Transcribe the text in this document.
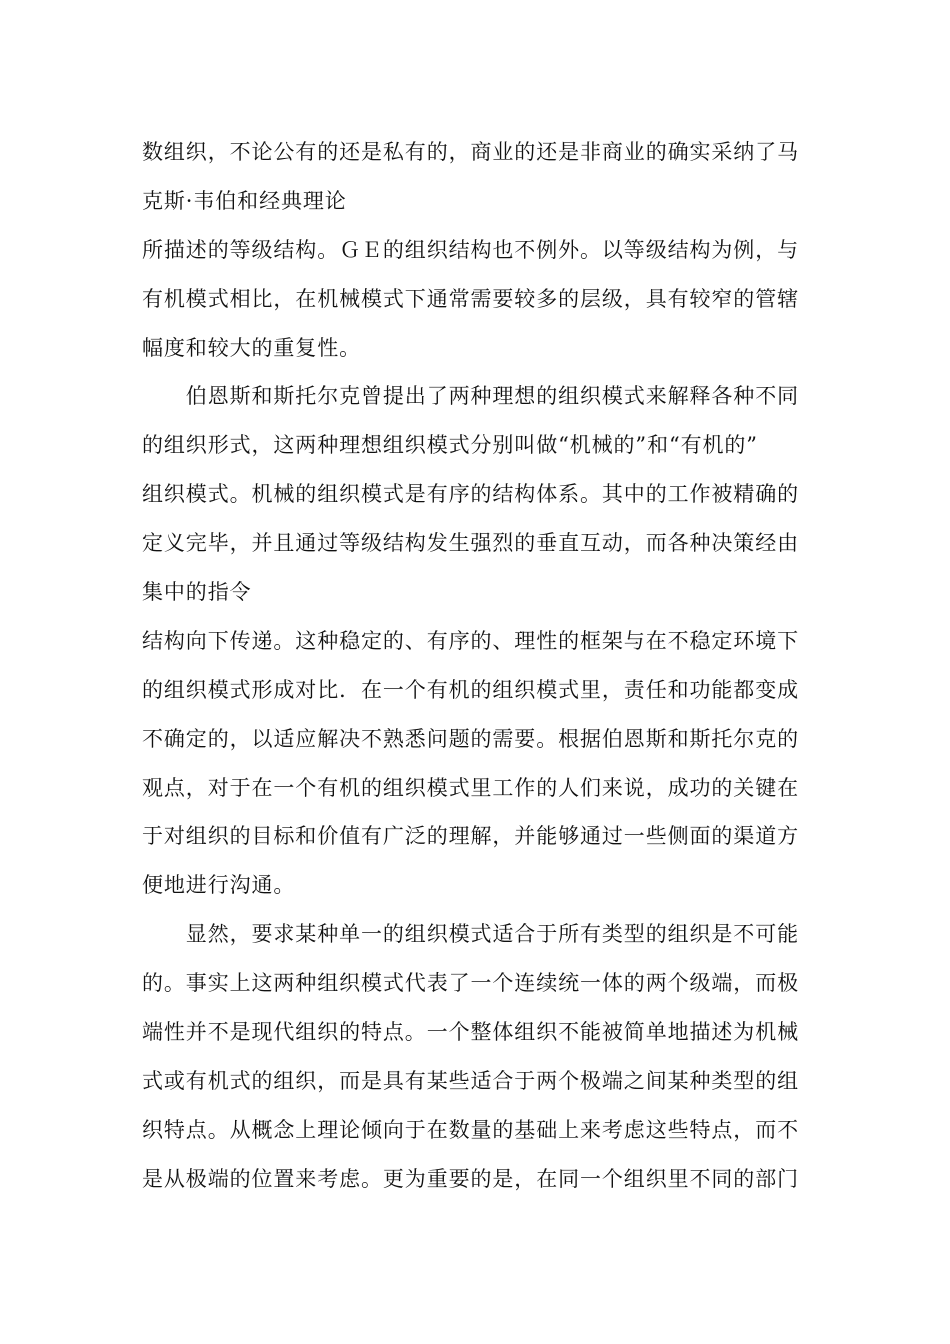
数组织，不论公有的还是私有的，商业的还是非商业的确实采纳了马
克斯·韦伯和经典理论
所描述的等级结构。ＧＥ的组织结构也不例外。以等级结构为例，与
有机模式相比，在机械模式下通常需要较多的层级，具有较窄的管辖
幅度和较大的重复性。
　　伯恩斯和斯托尔克曾提出了两种理想的组织模式来解释各种不同
的组织形式，这两种理想组织模式分别叫做“机械的”和“有机的”
组织模式。机械的组织模式是有序的结构体系。其中的工作被精确的
定义完毕，并且通过等级结构发生强烈的垂直互动，而各种决策经由
集中的指令
结构向下传递。这种稳定的、有序的、理性的框架与在不稳定环境下
的组织模式形成对比．在一个有机的组织模式里，责任和功能都变成
不确定的，以适应解决不熟悉问题的需要。根据伯恩斯和斯托尔克的
观点，对于在一个有机的组织模式里工作的人们来说，成功的关键在
于对组织的目标和价值有广泛的理解，并能够通过一些侧面的渠道方
便地进行沟通。
　　显然，要求某种单一的组织模式适合于所有类型的组织是不可能
的。事实上这两种组织模式代表了一个连续统一体的两个级端，而极
端性并不是现代组织的特点。一个整体组织不能被简单地描述为机械
式或有机式的组织，而是具有某些适合于两个极端之间某种类型的组
织特点。从概念上理论倾向于在数量的基础上来考虑这些特点，而不
是从极端的位置来考虑。更为重要的是，在同一个组织里不同的部门
